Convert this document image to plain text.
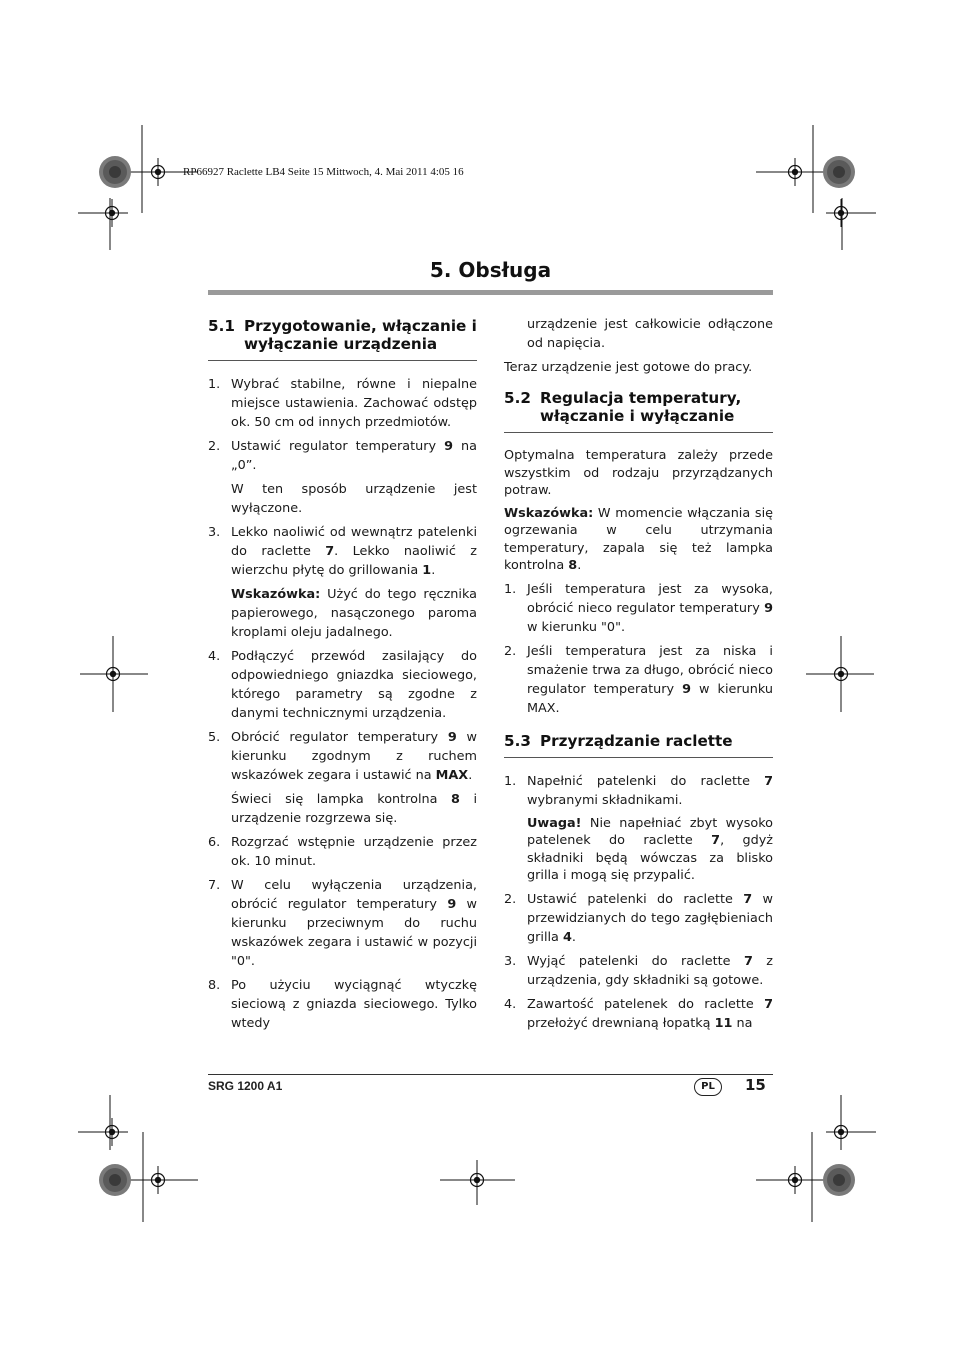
RP66927 Raclette LB4 Seite 15 Mittwoch, 4. Mai 2011 4:05 16
5. Obsługa
5.1 Przygotowanie, włączanie i wyłączanie urządzenia
1. Wybrać stabilne, równe i niepalne miejsce ustawienia. Zachować odstęp ok. 50 cm od innych przedmiotów.
2. Ustawić regulator temperatury 9 na „0”.
W ten sposób urządzenie jest wyłączone.
3. Lekko naoliwić od wewnątrz patelenki do raclette 7. Lekko naoliwić z wierzchu płytę do grillowania 1.
Wskazówka: Użyć do tego ręcznika papierowego, nasączonego paroma kroplami oleju jadalnego.
4. Podłączyć przewód zasilający do odpowiedniego gniazdka sieciowego, którego parametry są zgodne z danymi technicznymi urządzenia.
5. Obrócić regulator temperatury 9 w kierunku zgodnym z ruchem wskazówek zegara i ustawić na MAX.
Świeci się lampka kontrolna 8 i urządzenie rozgrzewa się.
6. Rozgrzać wstępnie urządzenie przez ok. 10 minut.
7. W celu wyłączenia urządzenia, obrócić regulator temperatury 9 w kierunku przeciwnym do ruchu wskazówek zegara i ustawić w pozycji "0".
8. Po użyciu wyciągnąć wtyczkę sieciową z gniazda sieciowego. Tylko wtedy
urządzenie jest całkowicie odłączone od napięcia.
Teraz urządzenie jest gotowe do pracy.
5.2 Regulacja temperatury, włączanie i wyłączanie
Optymalna temperatura zależy przede wszystkim od rodzaju przyrządzanych potraw.
Wskazówka: W momencie włączania się ogrzewania w celu utrzymania temperatury, zapala się też lampka kontrolna 8.
1. Jeśli temperatura jest za wysoka, obrócić nieco regulator temperatury 9 w kierunku "0".
2. Jeśli temperatura jest za niska i smażenie trwa za długo, obrócić nieco regulator temperatury 9 w kierunku MAX.
5.3 Przyrządzanie raclette
1. Napełnić patelenki do raclette 7 wybranymi składnikami.
Uwaga! Nie napełniać zbyt wysoko patelenek do raclette 7, gdyż składniki będą wówczas za blisko grilla i mogą się przypalić.
2. Ustawić patelenki do raclette 7 w przewidzianych do tego zagłębieniach grilla 4.
3. Wyjąć patelenki do raclette 7 z urządzenia, gdy składniki są gotowe.
4. Zawartość patelenek do raclette 7 przełożyć drewnianą łopatką 11 na
SRG 1200 A1	PL	15
